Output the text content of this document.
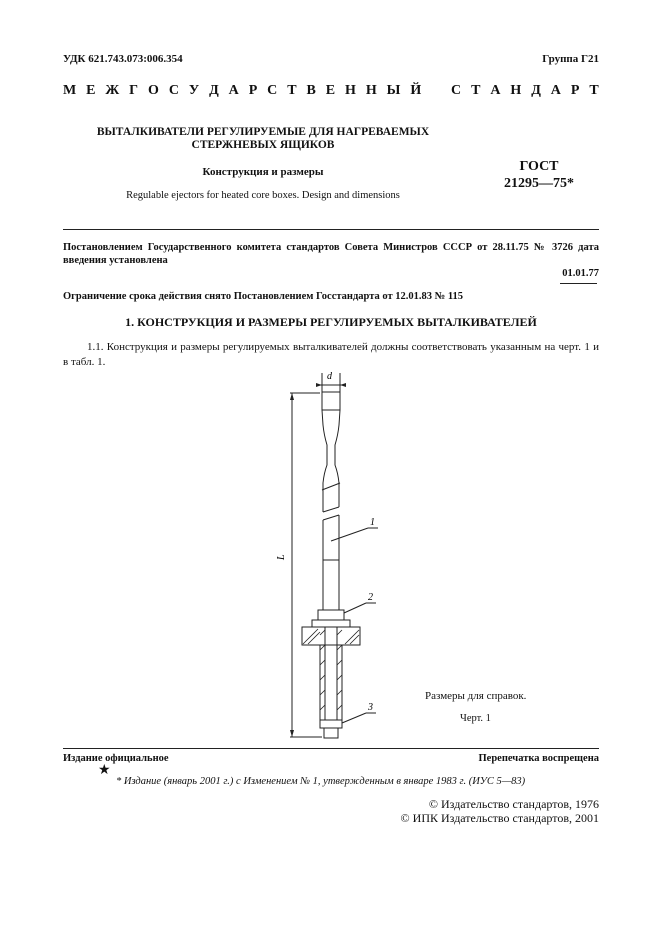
УДК 621.743.073:006.354	Группа Г21
М Е Ж Г О С У Д А Р С Т В Е Н Н Ы Й С Т А Н Д А Р Т
ВЫТАЛКИВАТЕЛИ РЕГУЛИРУЕМЫЕ ДЛЯ НАГРЕВАЕМЫХ
СТЕРЖНЕВЫХ ЯЩИКОВ
Конструкция и размеры
Regulable ejectors for heated core boxes. Design and dimensions
ГОСТ
21295—75*
Постановлением Государственного комитета стандартов Совета Министров СССР от 28.11.75 № 3726 дата введения установлена
01.01.77
Ограничение срока действия снято Постановлением Госстандарта от 12.01.83 № 115
1. КОНСТРУКЦИЯ И РАЗМЕРЫ РЕГУЛИРУЕМЫХ ВЫТАЛКИВАТЕЛЕЙ
1.1. Конструкция и размеры регулируемых выталкивателей должны соответствовать указанным на черт. 1 и в табл. 1.
d
L
1
2
3
Размеры для справок.
Черт. 1
Издание официальное	Перепечатка воспрещена
★
* Издание (январь 2001 г.) с Изменением № 1, утвержденным в январе 1983 г. (ИУС 5—83)
© Издательство стандартов, 1976
© ИПК Издательство стандартов, 2001
